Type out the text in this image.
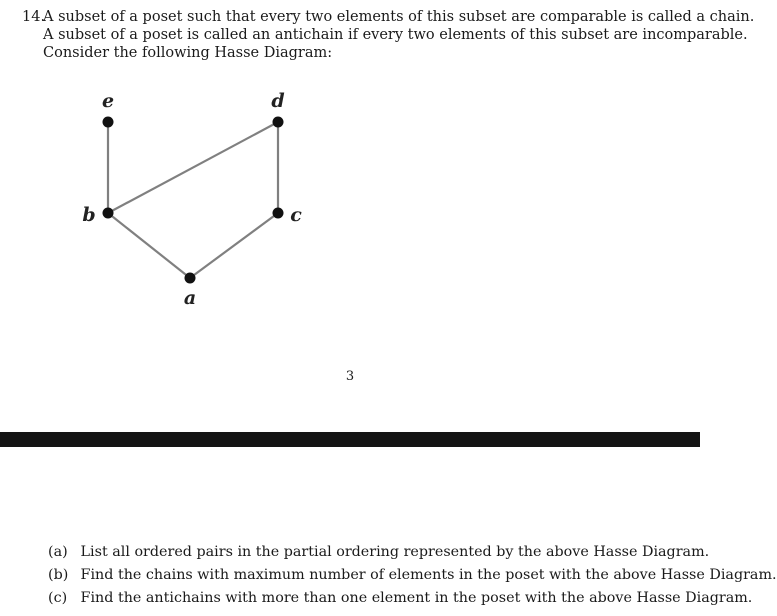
14.
A subset of a poset such that every two elements of this subset are comparable is called a chain.
A subset of a poset is called an antichain if every two elements of this subset are incomparable.
Consider the following Hasse Diagram:
a
b	c
d
e
3
(a) List all ordered pairs in the partial ordering represented by the above Hasse Diagram.
(b) Find the chains with maximum number of elements in the poset with the above Hasse Diagram.
(c) Find the antichains with more than one element in the poset with the above Hasse Diagram.
